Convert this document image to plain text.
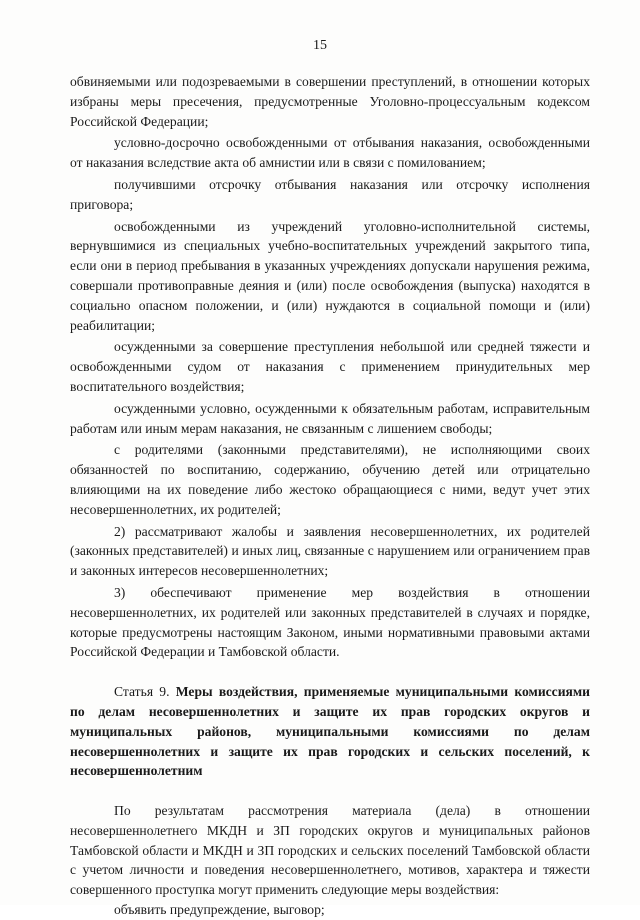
15

обвиняемыми или подозреваемыми в совершении преступлений, в отношении которых избраны меры пресечения, предусмотренные Уголовно-процессуальным кодексом Российской Федерации;

условно-досрочно освобожденными от отбывания наказания, освобожденными от наказания вследствие акта об амнистии или в связи с помилованием;

получившими отсрочку отбывания наказания или отсрочку исполнения приговора;

освобожденными из учреждений уголовно-исполнительной системы, вернувшимися из специальных учебно-воспитательных учреждений закрытого типа, если они в период пребывания в указанных учреждениях допускали нарушения режима, совершали противоправные деяния и (или) после освобождения (выпуска) находятся в социально опасном положении, и (или) нуждаются в социальной помощи и (или) реабилитации;

осужденными за совершение преступления небольшой или средней тяжести и освобожденными судом от наказания с применением принудительных мер воспитательного воздействия;

осужденными условно, осужденными к обязательным работам, исправительным работам или иным мерам наказания, не связанным с лишением свободы;

с родителями (законными представителями), не исполняющими своих обязанностей по воспитанию, содержанию, обучению детей или отрицательно влияющими на их поведение либо жестоко обращающиеся с ними, ведут учет этих несовершеннолетних, их родителей;

2) рассматривают жалобы и заявления несовершеннолетних, их родителей (законных представителей) и иных лиц, связанные с нарушением или ограничением прав и законных интересов несовершеннолетних;

3) обеспечивают применение мер воздействия в отношении несовершеннолетних, их родителей или законных представителей в случаях и порядке, которые предусмотрены настоящим Законом, иными нормативными правовыми актами Российской Федерации и Тамбовской области.

Статья 9. Меры воздействия, применяемые муниципальными комиссиями по делам несовершеннолетних и защите их прав городских округов и муниципальных районов, муниципальными комиссиями по делам несовершеннолетних и защите их прав городских и сельских поселений, к несовершеннолетним

По результатам рассмотрения материала (дела) в отношении несовершеннолетнего МКДН и ЗП городских округов и муниципальных районов Тамбовской области и МКДН и ЗП городских и сельских поселений Тамбовской области с учетом личности и поведения несовершеннолетнего, мотивов, характера и тяжести совершенного проступка могут применить следующие меры воздействия:

объявить предупреждение, выговор;
